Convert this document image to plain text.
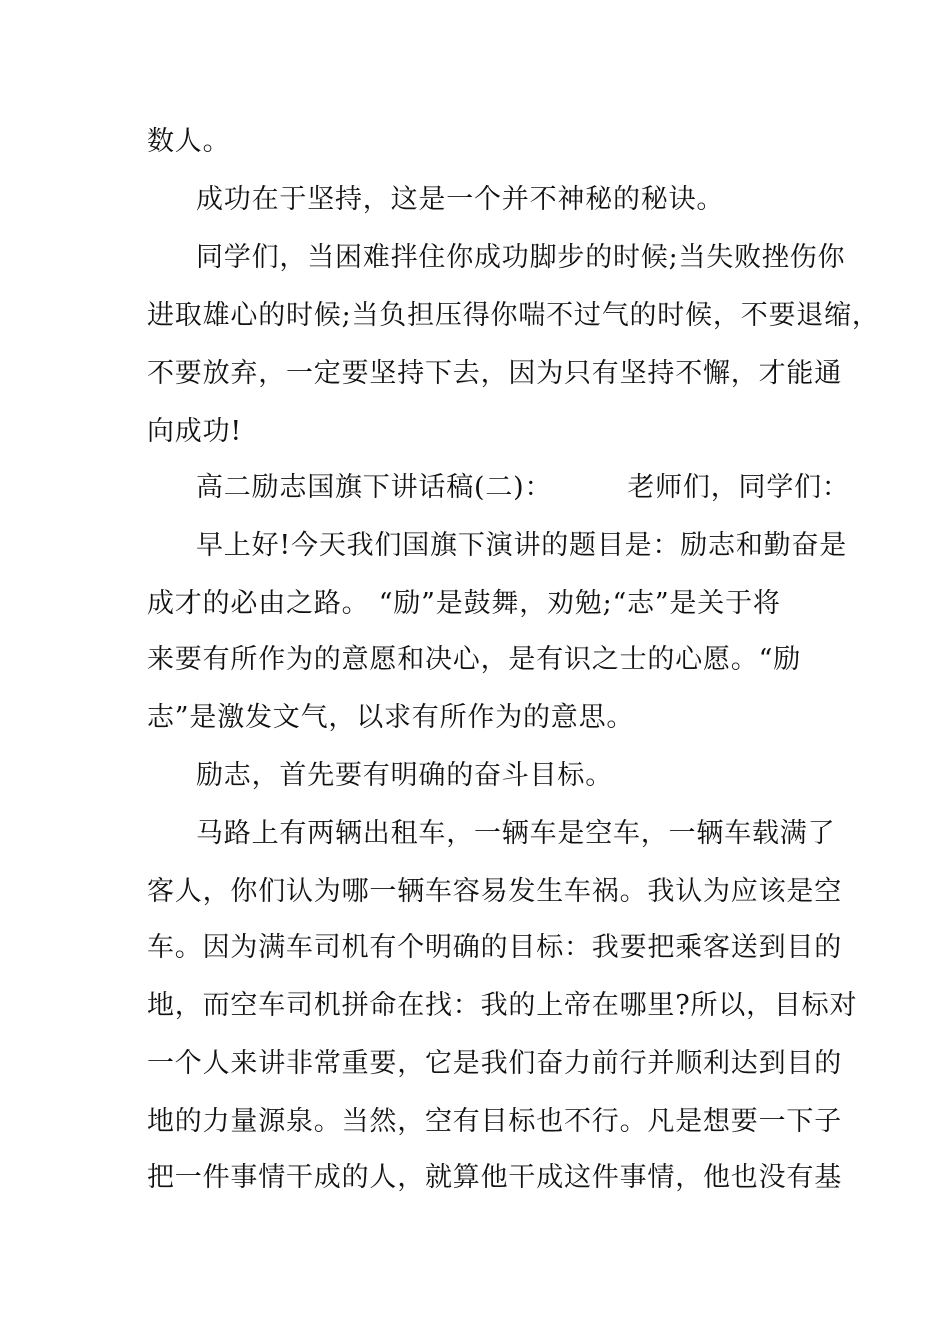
数人。
成功在于坚持，这是一个并不神秘的秘诀。
同学们，当困难拌住你成功脚步的时候;当失败挫伤你
进取雄心的时候;当负担压得你喘不过气的时候，不要退缩，
不要放弃，一定要坚持下去，因为只有坚持不懈，才能通
向成功!
高二励志国旗下讲话稿(二)：        老师们，同学们：
早上好!今天我们国旗下演讲的题目是：励志和勤奋是
成才的必由之路。 “励”是鼓舞，劝勉;“志”是关于将
来要有所作为的意愿和决心，是有识之士的心愿。“励
志”是激发文气，以求有所作为的意思。
励志，首先要有明确的奋斗目标。
马路上有两辆出租车，一辆车是空车，一辆车载满了
客人，你们认为哪一辆车容易发生车祸。我认为应该是空
车。因为满车司机有个明确的目标：我要把乘客送到目的
地，而空车司机拼命在找：我的上帝在哪里?所以，目标对
一个人来讲非常重要，它是我们奋力前行并顺利达到目的
地的力量源泉。当然，空有目标也不行。凡是想要一下子
把一件事情干成的人，就算他干成这件事情，他也没有基
